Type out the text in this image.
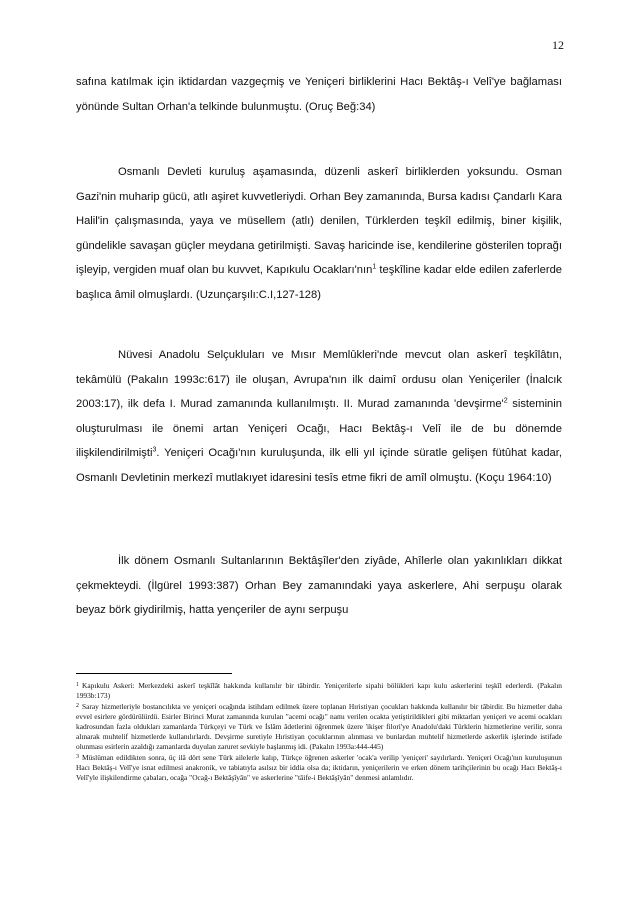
12

safına katılmak için iktidardan vazgeçmiş ve Yeniçeri birliklerini Hacı Bektâş-ı Velî'ye bağlaması yönünde Sultan Orhan'a telkinde bulunmuştu. (Oruç Beğ:34)

Osmanlı Devleti kuruluş aşamasında, düzenli askerî birliklerden yoksundu. Osman Gazi'nin muharip gücü, atlı aşiret kuvvetleriydi. Orhan Bey zamanında, Bursa kadısı Çandarlı Kara Halil'in çalışmasında, yaya ve müsellem (atlı) denilen, Türklerden teşkîl edilmiş, biner kişilik, gündelikle savaşan güçler meydana getirilmişti. Savaş haricinde ise, kendilerine gösterilen toprağı işleyip, vergiden muaf olan bu kuvvet, Kapıkulu Ocakları'nın$^1$ teşkîline kadar elde edilen zaferlerde başlıca âmil olmuşlardı. (Uzunçarşılı:C.I,127-128)

Nüvesi Anadolu Selçukluları ve Mısır Memlûkleri'nde mevcut olan askerî teşkîlâtın, tekâmülü (Pakalın 1993c:617) ile oluşan, Avrupa'nın ilk daimî ordusu olan Yeniçeriler (İnalcık 2003:17), ilk defa I. Murad zamanında kullanılmıştı. II. Murad zamanında '$devşirme'^2$ sisteminin oluşturulması ile önemi artan Yeniçeri Ocağı, Hacı Bektâş-ı Velî ile de bu dönemde ilişkilendirilmişti$^3$. Yeniçeri Ocağı'nın kuruluşunda, ilk elli yıl içinde süratle gelişen fütûhat kadar, Osmanlı Devletinin merkezî mutlakıyet idaresini tesîs etme fikri de amîl olmuştu. (Koçu 1964:10)

İlk dönem Osmanlı Sultanlarının Bektâşîler'den ziyâde, Ahîlerle olan yakınlıkları dikkat çekmekteydi. (İlgürel 1993:387) Orhan Bey zamanındaki yaya askerlere, Ahi serpuşu olarak beyaz börk giydirilmiş, hatta yençeriler de aynı serpuşu

$^1$ Kapıkulu Askeri: Merkezdeki askerî teşkîlât hakkında kullanılır bir tâbirdir. Yeniçerilerle sipahi bölükleri kapı kulu askerlerini teşkîl ederlerdi. (Pakalın 1993b:173)

$^2$ Saray hizmetleriyle bostancılıkta ve yeniçeri ocağında istihdam edilmek üzere toplanan Hıristiyan çocukları hakkında kullanılır bir tâbirdir. Bu hizmetler daha evvel esirlere gördürülürdü. Esirler Birinci Murat zamanında kurulan "acemi ocağı" namı verilen ocakta yetiştirildikleri gibi miktarları yeniçeri ve acemi ocakları kadrosundan fazla oldukları zamanlarda Türkçeyi ve Türk ve İslâm âdetlerini öğrenmek üzere 'ikişer filori'ye Anadolu'daki Türklerin hizmetlerine verilir, sonra alınarak muhtelif hizmetlerde kullanılırlardı. Devşirme suretiyle Hıristiyan çocuklarının alınması ve bunlardan muhtelif hizmetlerde askerlik işlerinde istifade olunması esirlerin azaldığı zamanlarda duyulan zaruret sevkiyle başlanmış idi. (Pakalın 1993a:444-445)

$^3$ Müslüman edildikten sonra, üç ilâ dört sene Türk ailelerle kalıp, Türkçe öğrenen askerler 'ocak'a verilip 'yeniçeri' sayılırlardı. Yeniçeri Ocağı'nın kuruluşunun Hacı Bektâş-ı Velî'ye isnat edilmesi anakronik, ve tabiatıyla asılsız bir iddia olsa da; iktidarın, yeniçerilerin ve erken dönem tarihçilerinin bu ocağı Hacı Bektâş-ı Velî'yle ilişkilendirme çabaları, ocağa "Ocağ-ı Bektâşîyân" ve askerlerine "tâife-i Bektâşîyân" denmesi anlamlıdır.
